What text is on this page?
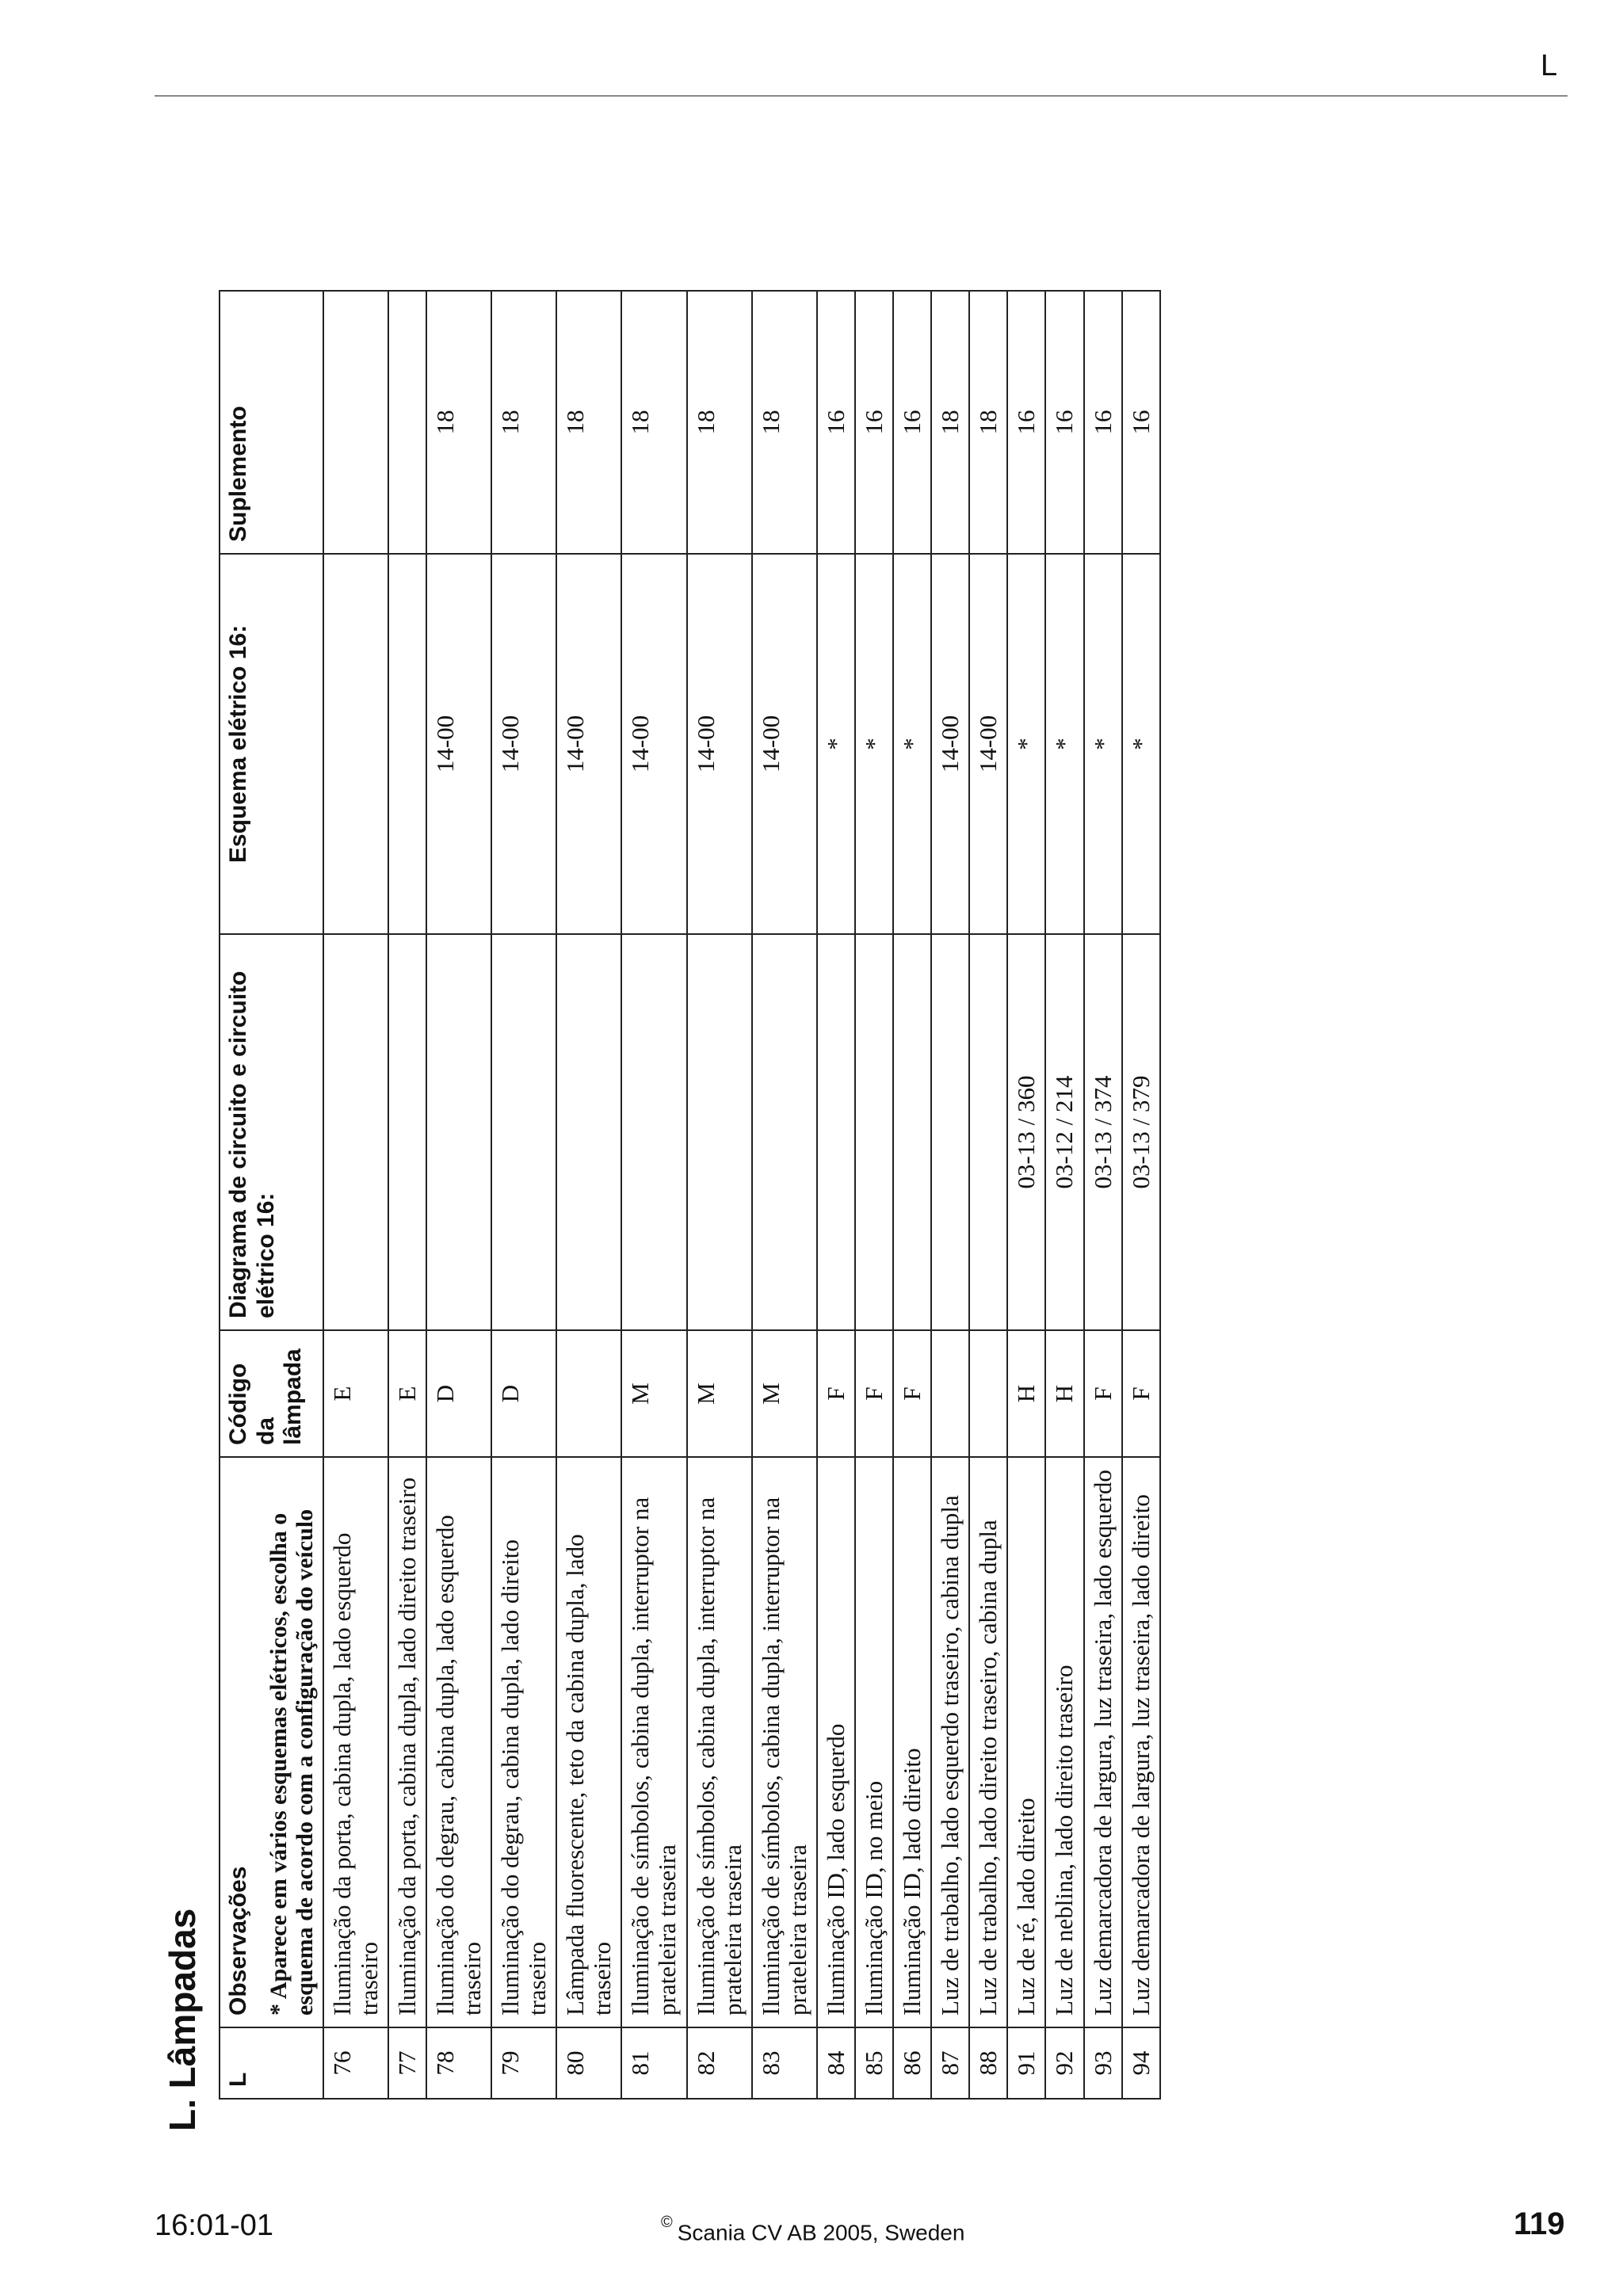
L
L. Lâmpadas L	Observações * Aparece em vários esquemas elétricos, escolha o esquema de acordo com a configuração do veículo	Código da lâmpada	Diagrama de circuito e circuito elétrico 16:	Esquema elétrico 16:	Suplemento
76	Iluminação da porta, cabina dupla, lado esquerdo traseiro	E			
77	Iluminação da porta, cabina dupla, lado direito traseiro	E			
78	Iluminação do degrau, cabina dupla, lado esquerdo traseiro	D		14-00	18
79	Iluminação do degrau, cabina dupla, lado direito traseiro	D		14-00	18
80	Lâmpada fluorescente, teto da cabina dupla, lado traseiro			14-00	18
81	Iluminação de símbolos, cabina dupla, interruptor na prateleira traseira	M		14-00	18
82	Iluminação de símbolos, cabina dupla, interruptor na prateleira traseira	M		14-00	18
83	Iluminação de símbolos, cabina dupla, interruptor na prateleira traseira	M		14-00	18
84	Iluminação ID, lado esquerdo	F		*	16
85	Iluminação ID, no meio	F		*	16
86	Iluminação ID, lado direito	F		*	16
87	Luz de trabalho, lado esquerdo traseiro, cabina dupla			14-00	18
88	Luz de trabalho, lado direito traseiro, cabina dupla			14-00	18
91	Luz de ré, lado direito	H	03-13 / 360	*	16
92	Luz de neblina, lado direito traseiro	H	03-12 / 214	*	16
93	Luz demarcadora de largura, luz traseira, lado esquerdo	F	03-13 / 374	*	16
94	Luz demarcadora de largura, luz traseira, lado direito	F	03-13 / 379	*	16
16:01-01	© Scania CV AB 2005, Sweden	119
